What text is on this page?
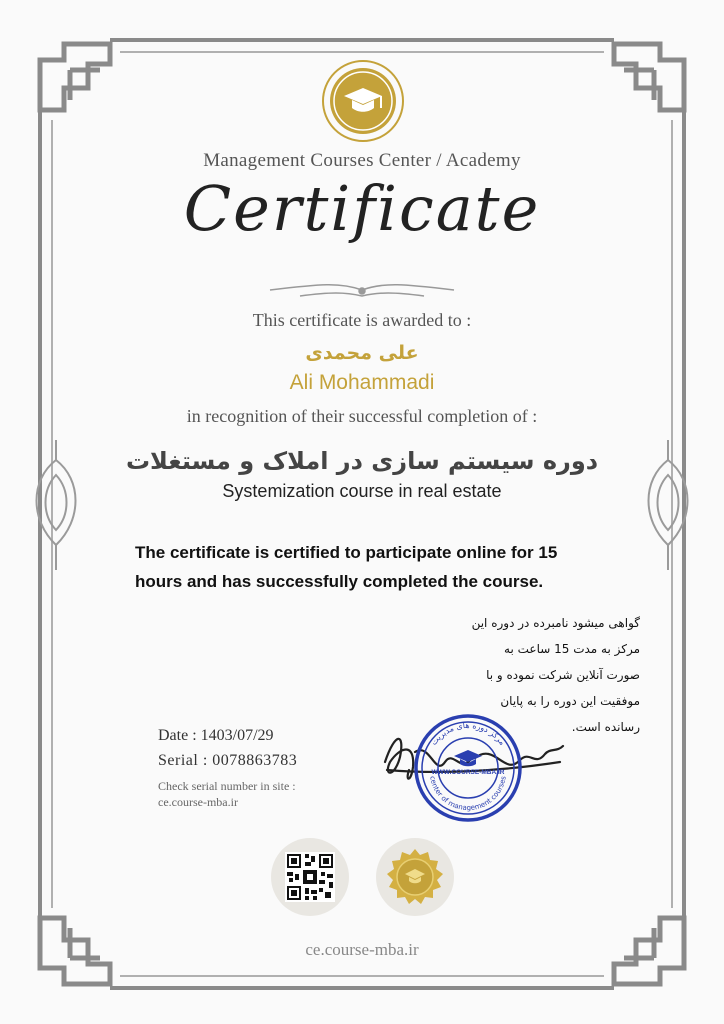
Management Courses Center / Academy
Certificate
This certificate is awarded to :
علی محمدی
Ali Mohammadi
in recognition of their successful completion of :
دوره سیستم سازی در املاک و مستغلات
Systemization course in real estate
The certificate is certified to participate online for 15 hours and has successfully completed the course.
گواهی میشود نامبرده در دوره این مرکز به مدت 15 ساعت به صورت آنلاین شرکت نموده و با موفقیت این دوره را به پایان رسانده است.
Date : 1403/07/29
Serial : 0078863783
Check serial number in site : ce.course-mba.ir
مرکز دوره های مدیریت
center of management courses
WWW.COURSE-MBA.IR
ce.course-mba.ir
